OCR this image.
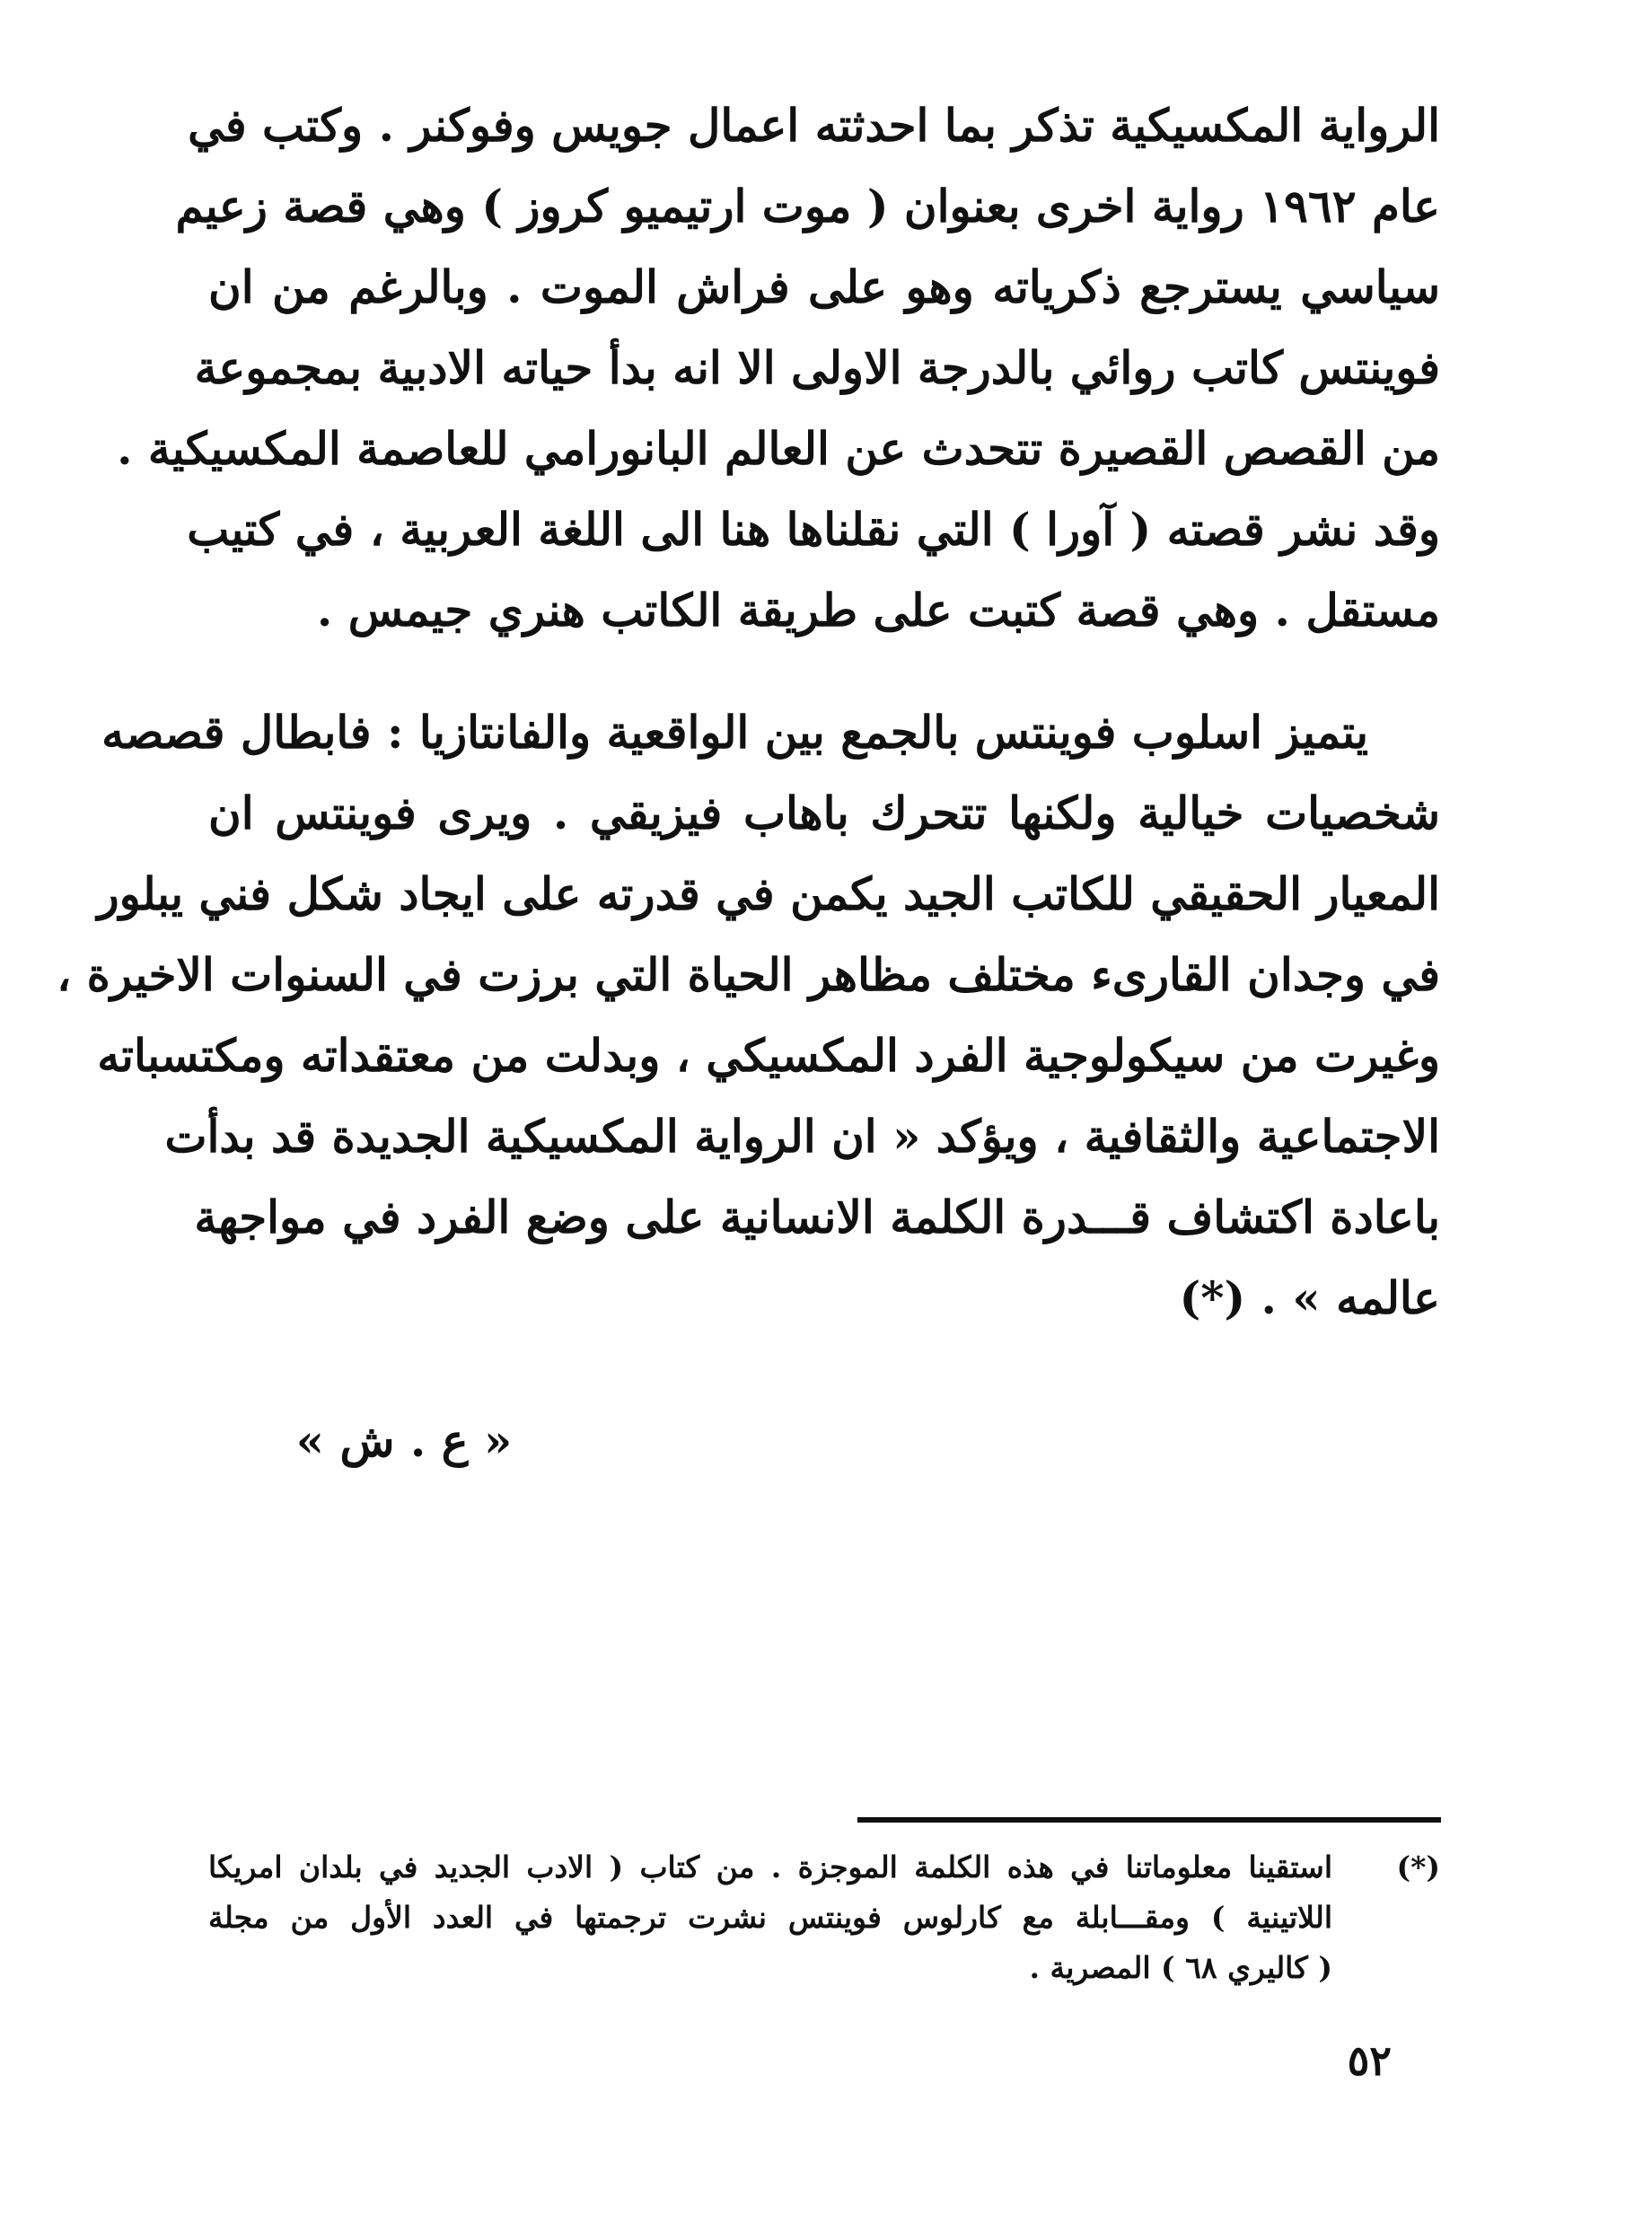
الرواية المكسيكية تذكر بما احدثته اعمال جويس وفوكنر . وكتب في
عام ١٩٦٢ رواية اخرى بعنوان ( موت ارتيميو كروز ) وهي قصة زعيم
سياسي يسترجع ذكرياته وهو على فراش الموت . وبالرغم من ان
فوينتس كاتب روائي بالدرجة الاولى الا انه بدأ حياته الادبية بمجموعة
من القصص القصيرة تتحدث عن العالم البانورامي للعاصمة المكسيكية .
وقد نشر قصته ( آورا ) التي نقلناها هنا الى اللغة العربية ، في كتيب
مستقل . وهي قصة كتبت على طريقة الكاتب هنري جيمس .
يتميز اسلوب فوينتس بالجمع بين الواقعية والفانتازيا : فابطال قصصه
شخصيات خيالية ولكنها تتحرك باهاب فيزيقي . ويرى فوينتس ان
المعيار الحقيقي للكاتب الجيد يكمن في قدرته على ايجاد شكل فني يبلور
في وجدان القارىء مختلف مظاهر الحياة التي برزت في السنوات الاخيرة ،
وغيرت من سيكولوجية الفرد المكسيكي ، وبدلت من معتقداته ومكتسباته
الاجتماعية والثقافية ، ويؤكد « ان الرواية المكسيكية الجديدة قد بدأت
باعادة اكتشاف قـــدرة الكلمة الانسانية على وضع الفرد في مواجهة
عالمه » . (*)
« ع . ش »
(*)
استقينا معلوماتنا في هذه الكلمة الموجزة . من كتاب ( الادب الجديد في بلدان امريكا
اللاتينية ) ومقـــابلة مع كارلوس فوينتس نشرت ترجمتها في العدد الأول من مجلة
( كاليري ٦٨ ) المصرية .
٥٢
